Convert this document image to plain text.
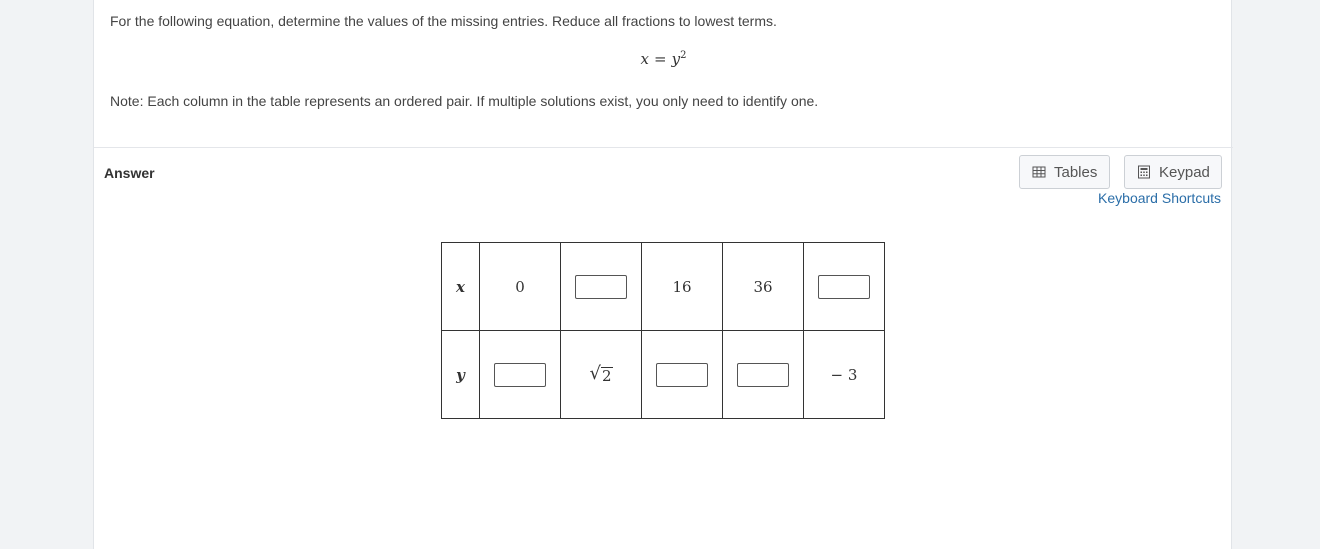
For the following equation, determine the values of the missing entries. Reduce all fractions to lowest terms.
$x = y^2$
Note: Each column in the table represents an ordered pair. If multiple solutions exist, you only need to identify one.
Answer	Tables	Keypad
Keyboard Shortcuts
x	0		16	36	
y		√ 2			− 3
